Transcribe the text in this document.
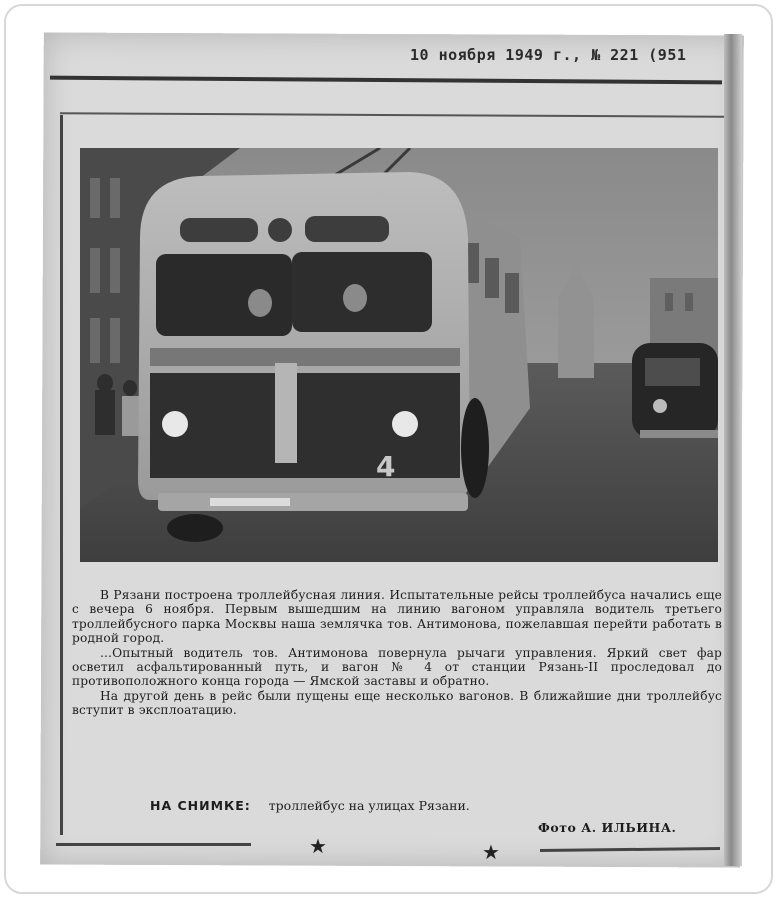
10 ноября 1949 г., № 221 (951
4

В Рязани построена троллейбусная линия. Испытательные рейсы троллейбуса начались еще с вечера 6 ноября. Первым вышедшим на линию вагоном управляла водитель третьего троллейбусного парка Москвы наша землячка тов. Антимонова, пожелавшая перейти работать в родной город.

...Опытный водитель тов. Антимонова повернула рычаги управления. Яркий свет фар осветил асфальтированный путь, и вагон № 4 от станции Рязань-II проследовал до противоположного конца города — Ямской заставы и обратно.

На другой день в рейс были пущены еще несколько вагонов. В ближайшие дни троллейбус вступит в эксплоатацию.

НА СНИМКЕ: троллейбус на улицах Рязани.
Фото А. ИЛЬИНА.
★	★
